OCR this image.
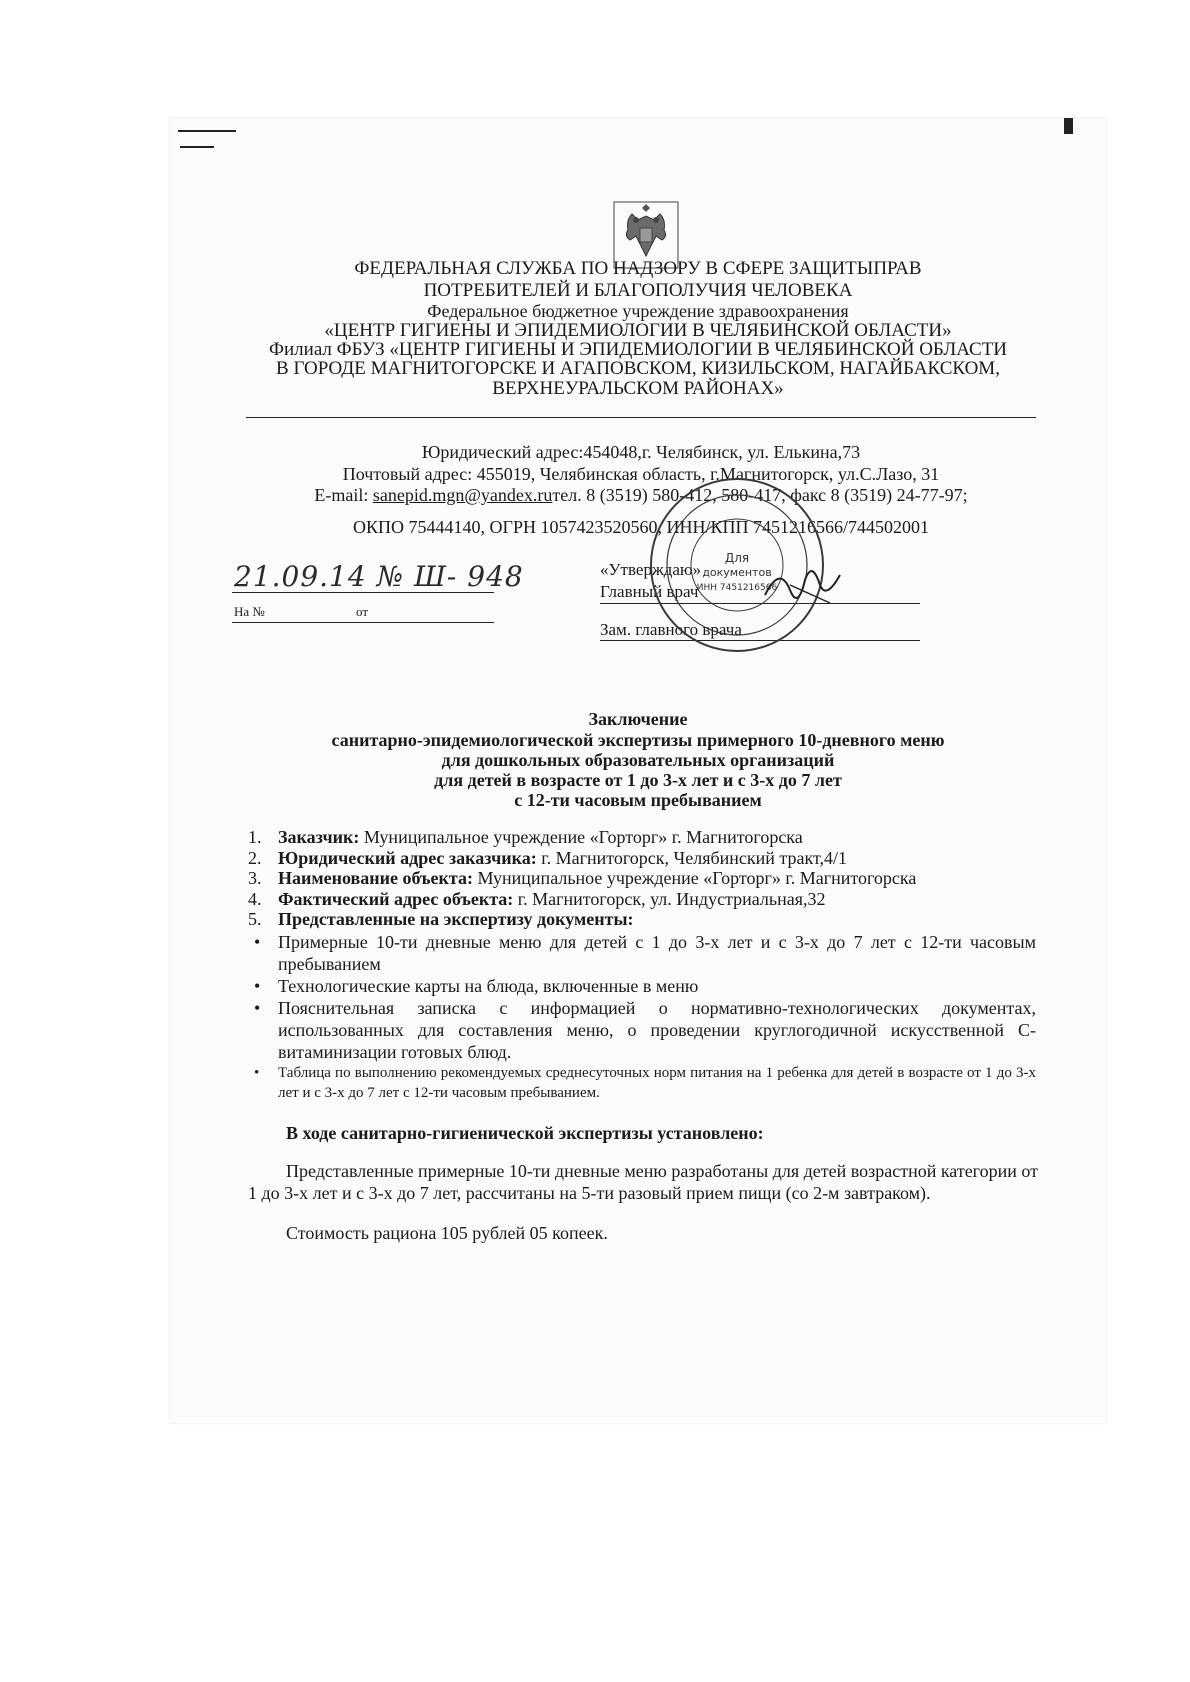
ФЕДЕРАЛЬНАЯ СЛУЖБА ПО НАДЗОРУ В СФЕРЕ ЗАЩИТЫПРАВ
ПОТРЕБИТЕЛЕЙ И БЛАГОПОЛУЧИЯ ЧЕЛОВЕКА
Федеральное бюджетное учреждение здравоохранения
«ЦЕНТР ГИГИЕНЫ И ЭПИДЕМИОЛОГИИ В ЧЕЛЯБИНСКОЙ ОБЛАСТИ»
Филиал ФБУЗ «ЦЕНТР ГИГИЕНЫ И ЭПИДЕМИОЛОГИИ В ЧЕЛЯБИНСКОЙ ОБЛАСТИ
В ГОРОДЕ МАГНИТОГОРСКЕ И АГАПОВСКОМ, КИЗИЛЬСКОМ, НАГАЙБАКСКОМ,
ВЕРХНЕУРАЛЬСКОМ РАЙОНАХ»
Юридический адрес:454048,г. Челябинск, ул. Елькина,73
Почтовый адрес: 455019, Челябинская область, г.Магнитогорск, ул.С.Лазо, 31
E-mail: sanepid.mgn@yandex.ruтел. 8 (3519) 580-412, 580-417, факс 8 (3519) 24-77-97;
ОКПО 75444140, ОГРН 1057423520560, ИНН/КПП 7451216566/744502001
21.09.14 № Ш- 948
На №	от
«Утверждаю»
Главный врач
Зам. главного врача
Для
документов
ИНН 7451216566
Заключение
санитарно-эпидемиологической экспертизы примерного 10-дневного меню
для дошкольных образовательных организаций
для детей в возрасте от 1 до 3-х лет и с 3-х до 7 лет
с 12-ти часовым пребыванием
1. Заказчик: Муниципальное учреждение «Горторг» г. Магнитогорска
2. Юридический адрес заказчика: г. Магнитогорск, Челябинский тракт,4/1
3. Наименование объекта: Муниципальное учреждение «Горторг» г. Магнитогорска
4. Фактический адрес объекта: г. Магнитогорск, ул. Индустриальная,32
5. Представленные на экспертизу документы:
• Примерные 10-ти дневные меню для детей с 1 до 3-х лет и с 3-х до 7 лет с 12-ти часовым пребыванием
• Технологические карты на блюда, включенные в меню
• Пояснительная записка с информацией о нормативно-технологических документах, использованных для составления меню, о проведении круглогодичной искусственной С-витаминизации готовых блюд.
• Таблица по выполнению рекомендуемых среднесуточных норм питания на 1 ребенка для детей в возрасте от 1 до 3-х лет и с 3-х до 7 лет с 12-ти часовым пребыванием.
В ходе санитарно-гигиенической экспертизы установлено:
Представленные примерные 10-ти дневные меню разработаны для детей возрастной категории от 1 до 3-х лет и с 3-х до 7 лет, рассчитаны на 5-ти разовый прием пищи (со 2-м завтраком).
Стоимость рациона 105 рублей 05 копеек.
